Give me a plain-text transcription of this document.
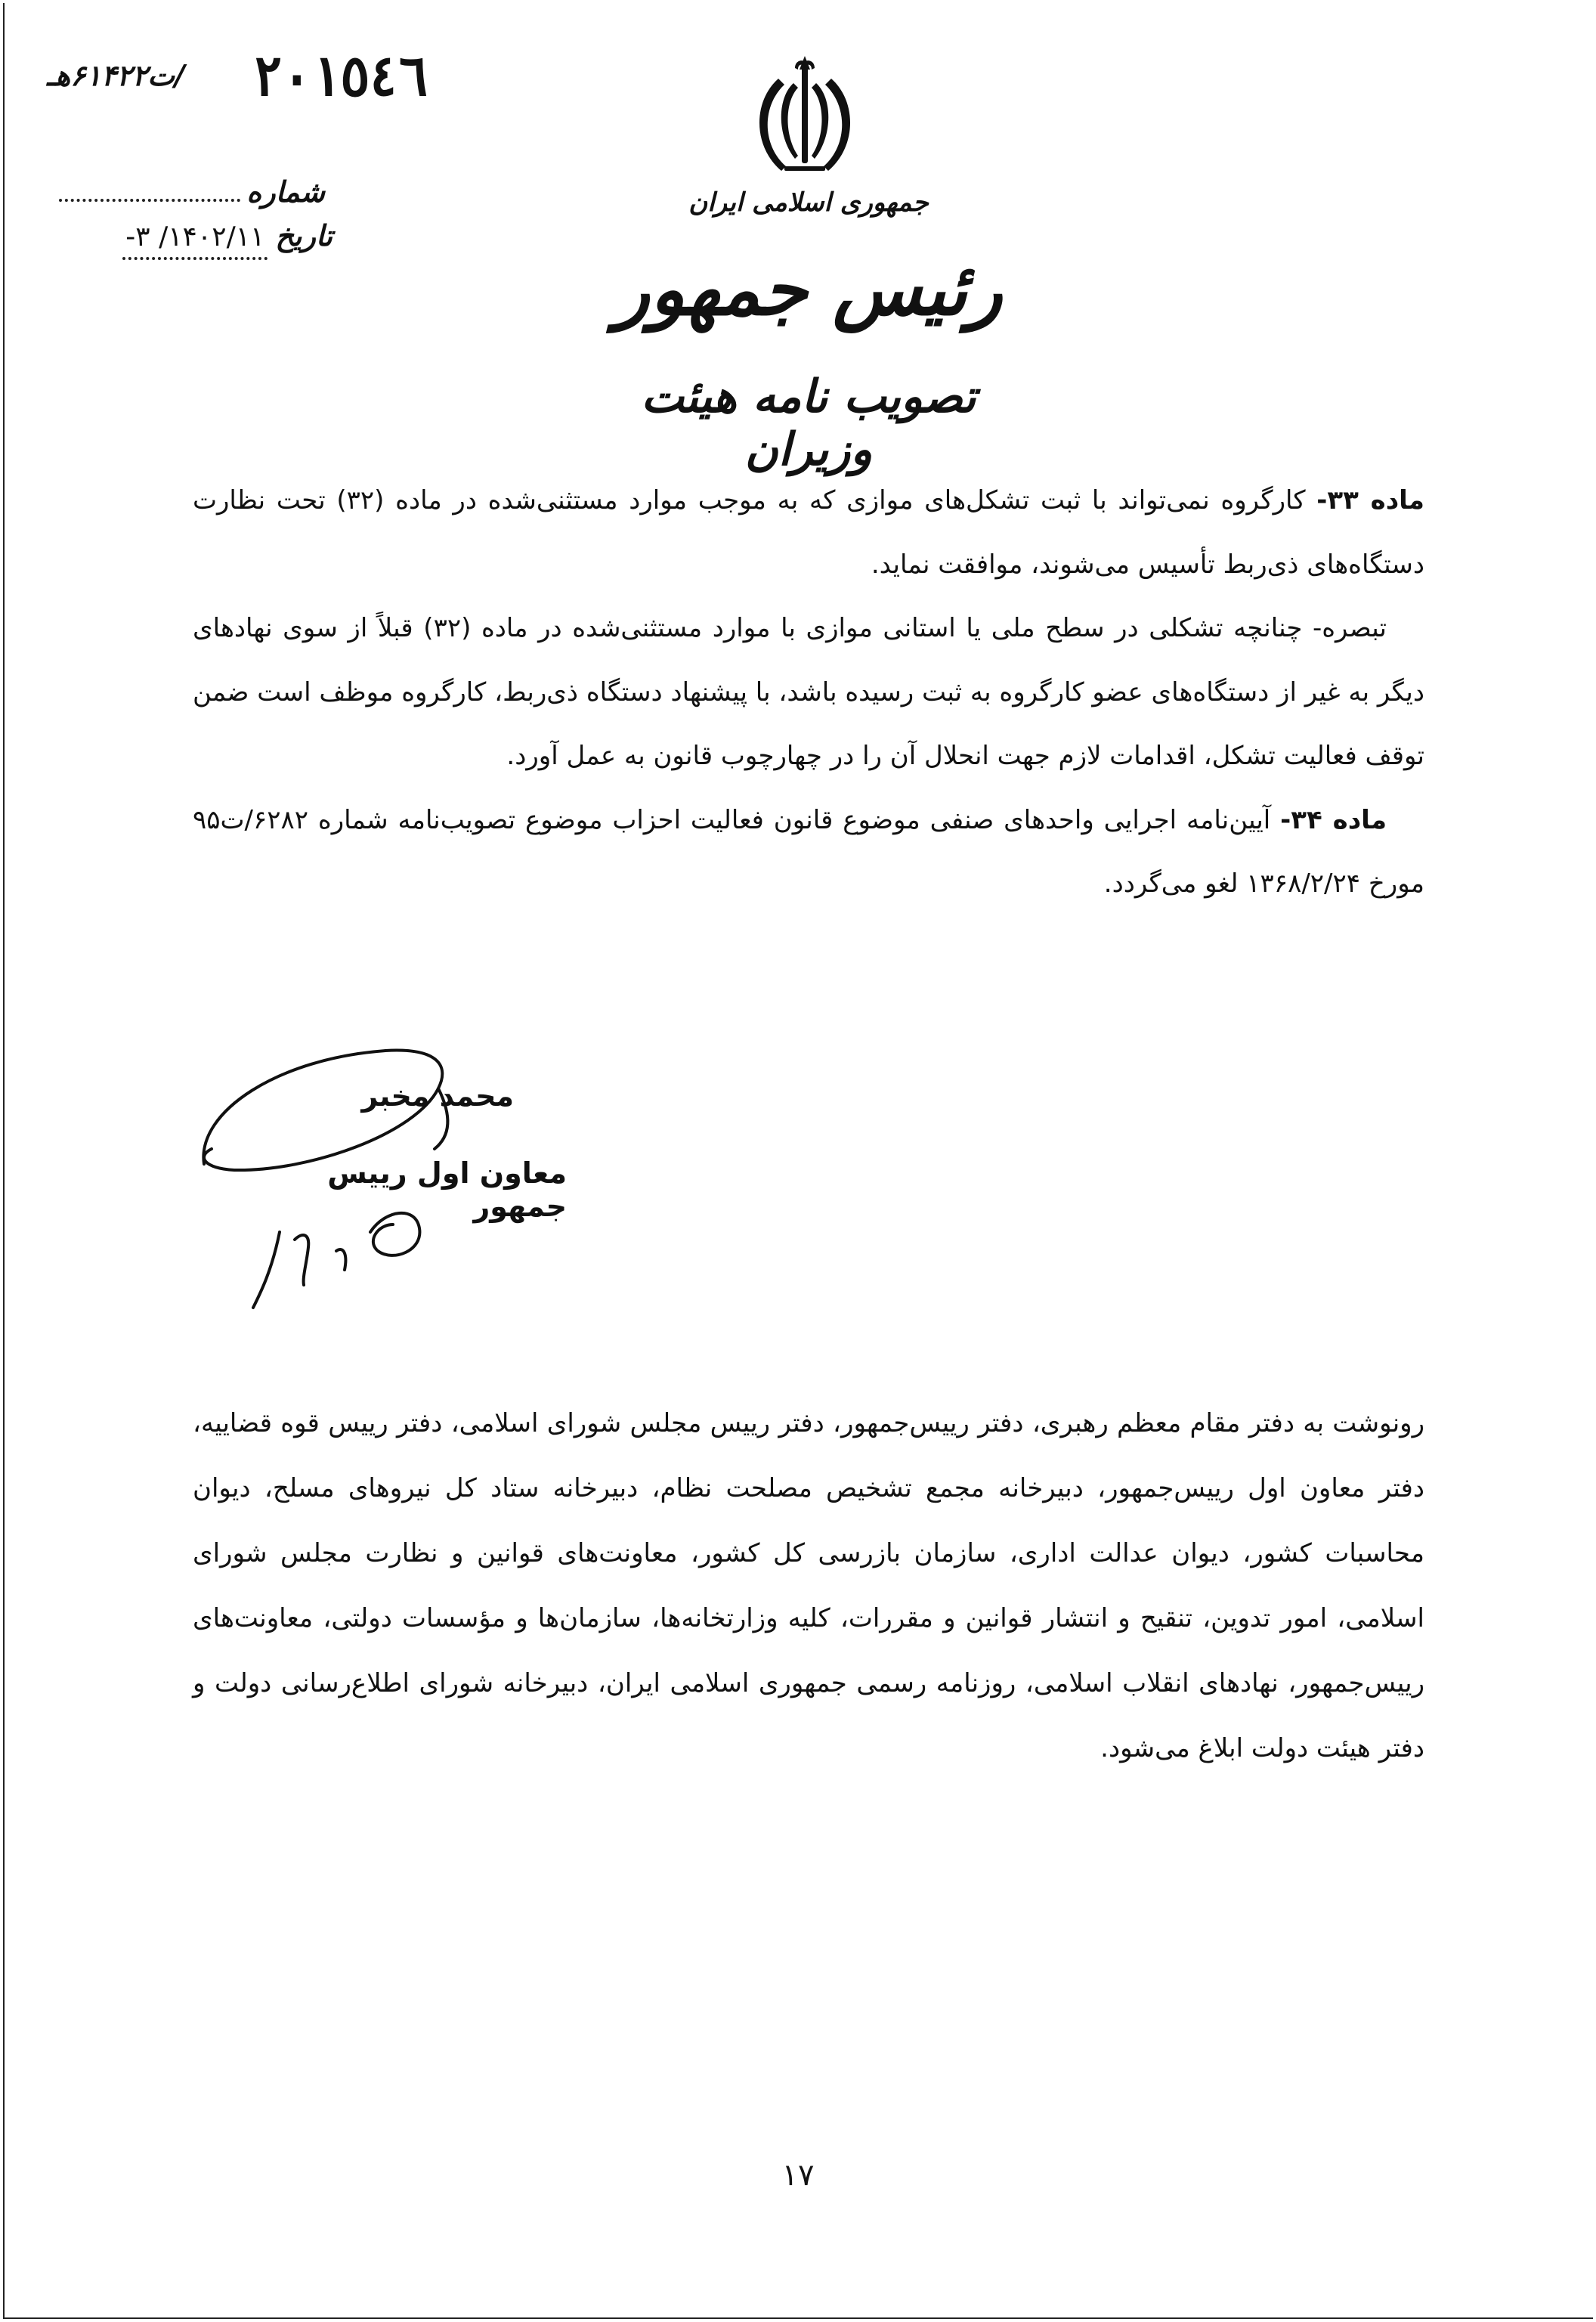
٢٠١٥٤٦
/ت۶۱۴۲۲هـ
شماره
تاریخ۱۴۰۲/۱۱/ ۳-
جمهوری اسلامی ایران
رئیس جمهور
تصویب نامه هیئت وزیران

ماده ۳۳- کارگروه نمی‌تواند با ثبت تشکل‌های موازی که به موجب موارد مستثنی‌شده در ماده (۳۲) تحت نظارت دستگاه‌های ذی‌ربط تأسیس می‌شوند، موافقت نماید.

تبصره- چنانچه تشکلی در سطح ملی یا استانی موازی با موارد مستثنی‌شده در ماده (۳۲) قبلاً از سوی نهادهای دیگر به غیر از دستگاه‌های عضو کارگروه به ثبت رسیده باشد، با پیشنهاد دستگاه ذی‌ربط، کارگروه موظف است ضمن توقف فعالیت تشکل، اقدامات لازم جهت انحلال آن را در چهارچوب قانون به عمل آورد.

ماده ۳۴- آیین‌نامه اجرایی واحدهای صنفی موضوع قانون فعالیت احزاب موضوع تصویب‌نامه شماره ۶۲۸۲/ت۹۵ مورخ ۱۳۶۸/۲/۲۴ لغو می‌گردد.

محمد مخبر
معاون اول رییس جمهور
رونوشت به دفتر مقام معظم رهبری، دفتر رییس‌جمهور، دفتر رییس مجلس شورای اسلامی، دفتر رییس قوه قضاییه، دفتر معاون اول رییس‌جمهور، دبیرخانه مجمع تشخیص مصلحت نظام، دبیرخانه ستاد کل نیروهای مسلح، دیوان محاسبات کشور، دیوان عدالت اداری، سازمان بازرسی کل کشور، معاونت‌های قوانین و نظارت مجلس شورای اسلامی، امور تدوین، تنقیح و انتشار قوانین و مقررات، کلیه وزارتخانه‌ها، سازمان‌ها و مؤسسات دولتی، معاونت‌های رییس‌جمهور، نهادهای انقلاب اسلامی، روزنامه رسمی جمهوری اسلامی ایران، دبیرخانه شورای اطلاع‌رسانی دولت و دفتر هیئت دولت ابلاغ می‌شود.
۱۷
